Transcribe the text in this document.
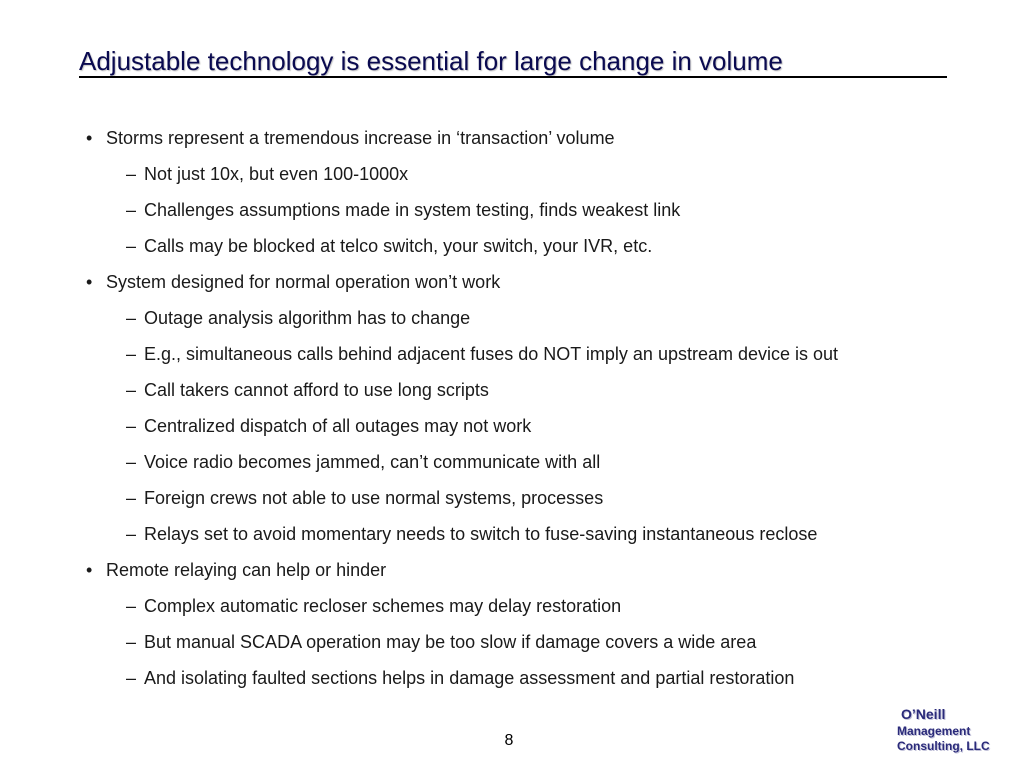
Adjustable technology is essential for large change in volume
• Storms represent a tremendous increase in ‘transaction’ volume
– Not just 10x, but even 100-1000x
– Challenges assumptions made in system testing, finds weakest link
– Calls may be blocked at telco switch, your switch, your IVR, etc.
• System designed for normal operation won’t work
– Outage analysis algorithm has to change
– E.g., simultaneous calls behind adjacent fuses do NOT imply an upstream device is out
– Call takers cannot afford to use long scripts
– Centralized dispatch of all outages may not work
– Voice radio becomes jammed, can’t communicate with all
– Foreign crews not able to use normal systems, processes
– Relays set to avoid momentary needs to switch to fuse-saving instantaneous reclose
• Remote relaying can help or hinder
– Complex automatic recloser schemes may delay restoration
– But manual SCADA operation may be too slow if damage covers a wide area
– And isolating faulted sections helps in damage assessment and partial restoration
8
O’Neill
Management
Consulting, LLC
